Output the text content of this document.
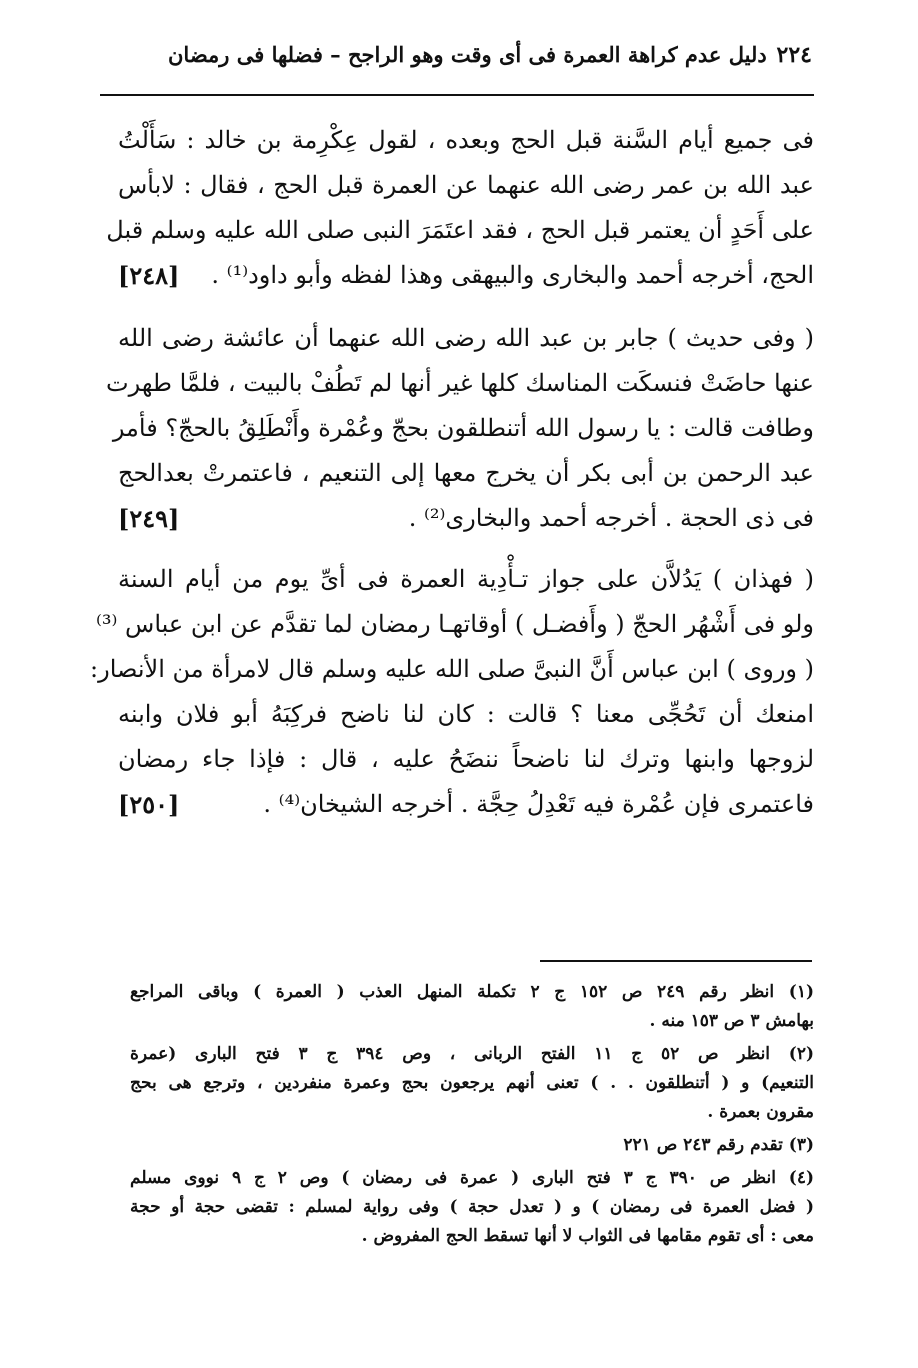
٢٢٤
دليل عدم كراهة العمرة فى أى وقت وهو الراجح – فضلها فى رمضان
فى جميع أيام السَّنة قبل الحج وبعده ، لقول عِكْرِمة بن خالد : سَأَلْتُ
عبد الله بن عمر رضى الله عنهما عن العمرة قبل الحج ، فقال : لابأس
على أَحَدٍ أن يعتمر قبل الحج ، فقد اعتَمَرَ النبى صلى الله عليه وسلم قبل
الحج، أخرجه أحمد والبخارى والبيهقى وهذا لفظه وأبو داود⁽¹⁾ .
[٢٤٨]
( وفى حديث ) جابر بن عبد الله رضى الله عنهما أن عائشة رضى الله
عنها حاضَتْ فنسكَت المناسك كلها غير أنها لم تَطُفْ بالبيت ، فلمَّا طهرت
وطافت قالت : يا رسول الله أتنطلقون بحجّ وعُمْرة وأَنْطَلِقُ بالحجّ؟ فأمر
عبد الرحمن بن أبى بكر أن يخرج معها إلى التنعيم ، فاعتمرتْ بعدالحج
فى ذى الحجة . أخرجه أحمد والبخارى⁽²⁾ .
[٢٤٩]
( فهذان ) يَدُلاَّن على جواز تـأْدِية العمرة فى أىِّ يوم من أيام السنة
ولو فى أَشْهُر الحجّ ( وأَفضـل ) أوقاتهـا رمضان لما تقدَّم عن ابن عباس ⁽³⁾
( وروى ) ابن عباس أَنَّ النبىَّ صلى الله عليه وسلم قال لامرأة من الأنصار:
امنعك أن تَحُجِّى معنا ؟ قالت : كان لنا ناضح فركِبَهُ أبو فلان وابنه
لزوجها وابنها وترك لنا ناضحاً ننضَحُ عليه ، قال : فإذا جاء رمضان
فاعتمرى فإن عُمْرة فيه تَعْدِلُ حِجَّة . أخرجه الشيخان⁽⁴⁾ .
[٢٥٠]
(١) انظر رقم ٢٤٩ ص ١٥٢ ج ٢ تكملة المنهل العذب ( العمرة ) وباقى المراجع
بهامش ٣ ص ١٥٣ منه .
(٢) انظر ص ٥٢ ج ١١ الفتح الربانى ، وص ٣٩٤ ج ٣ فتح البارى (عمرة
التنعيم) و ( أتنطلقون . . ) تعنى أنهم يرجعون بحج وعمرة منفردين ، وترجع هى بحج
مقرون بعمرة .
(٣) تقدم رقم ٢٤٣ ص ٢٢١
(٤) انظر ص ٣٩٠ ج ٣ فتح البارى ( عمرة فى رمضان ) وص ٢ ج ٩ نووى مسلم
( فضل العمرة فى رمضان ) و ( تعدل حجة ) وفى رواية لمسلم : تقضى حجة أو حجة
معى : أى تقوم مقامها فى الثواب لا أنها تسقط الحج المفروض .
